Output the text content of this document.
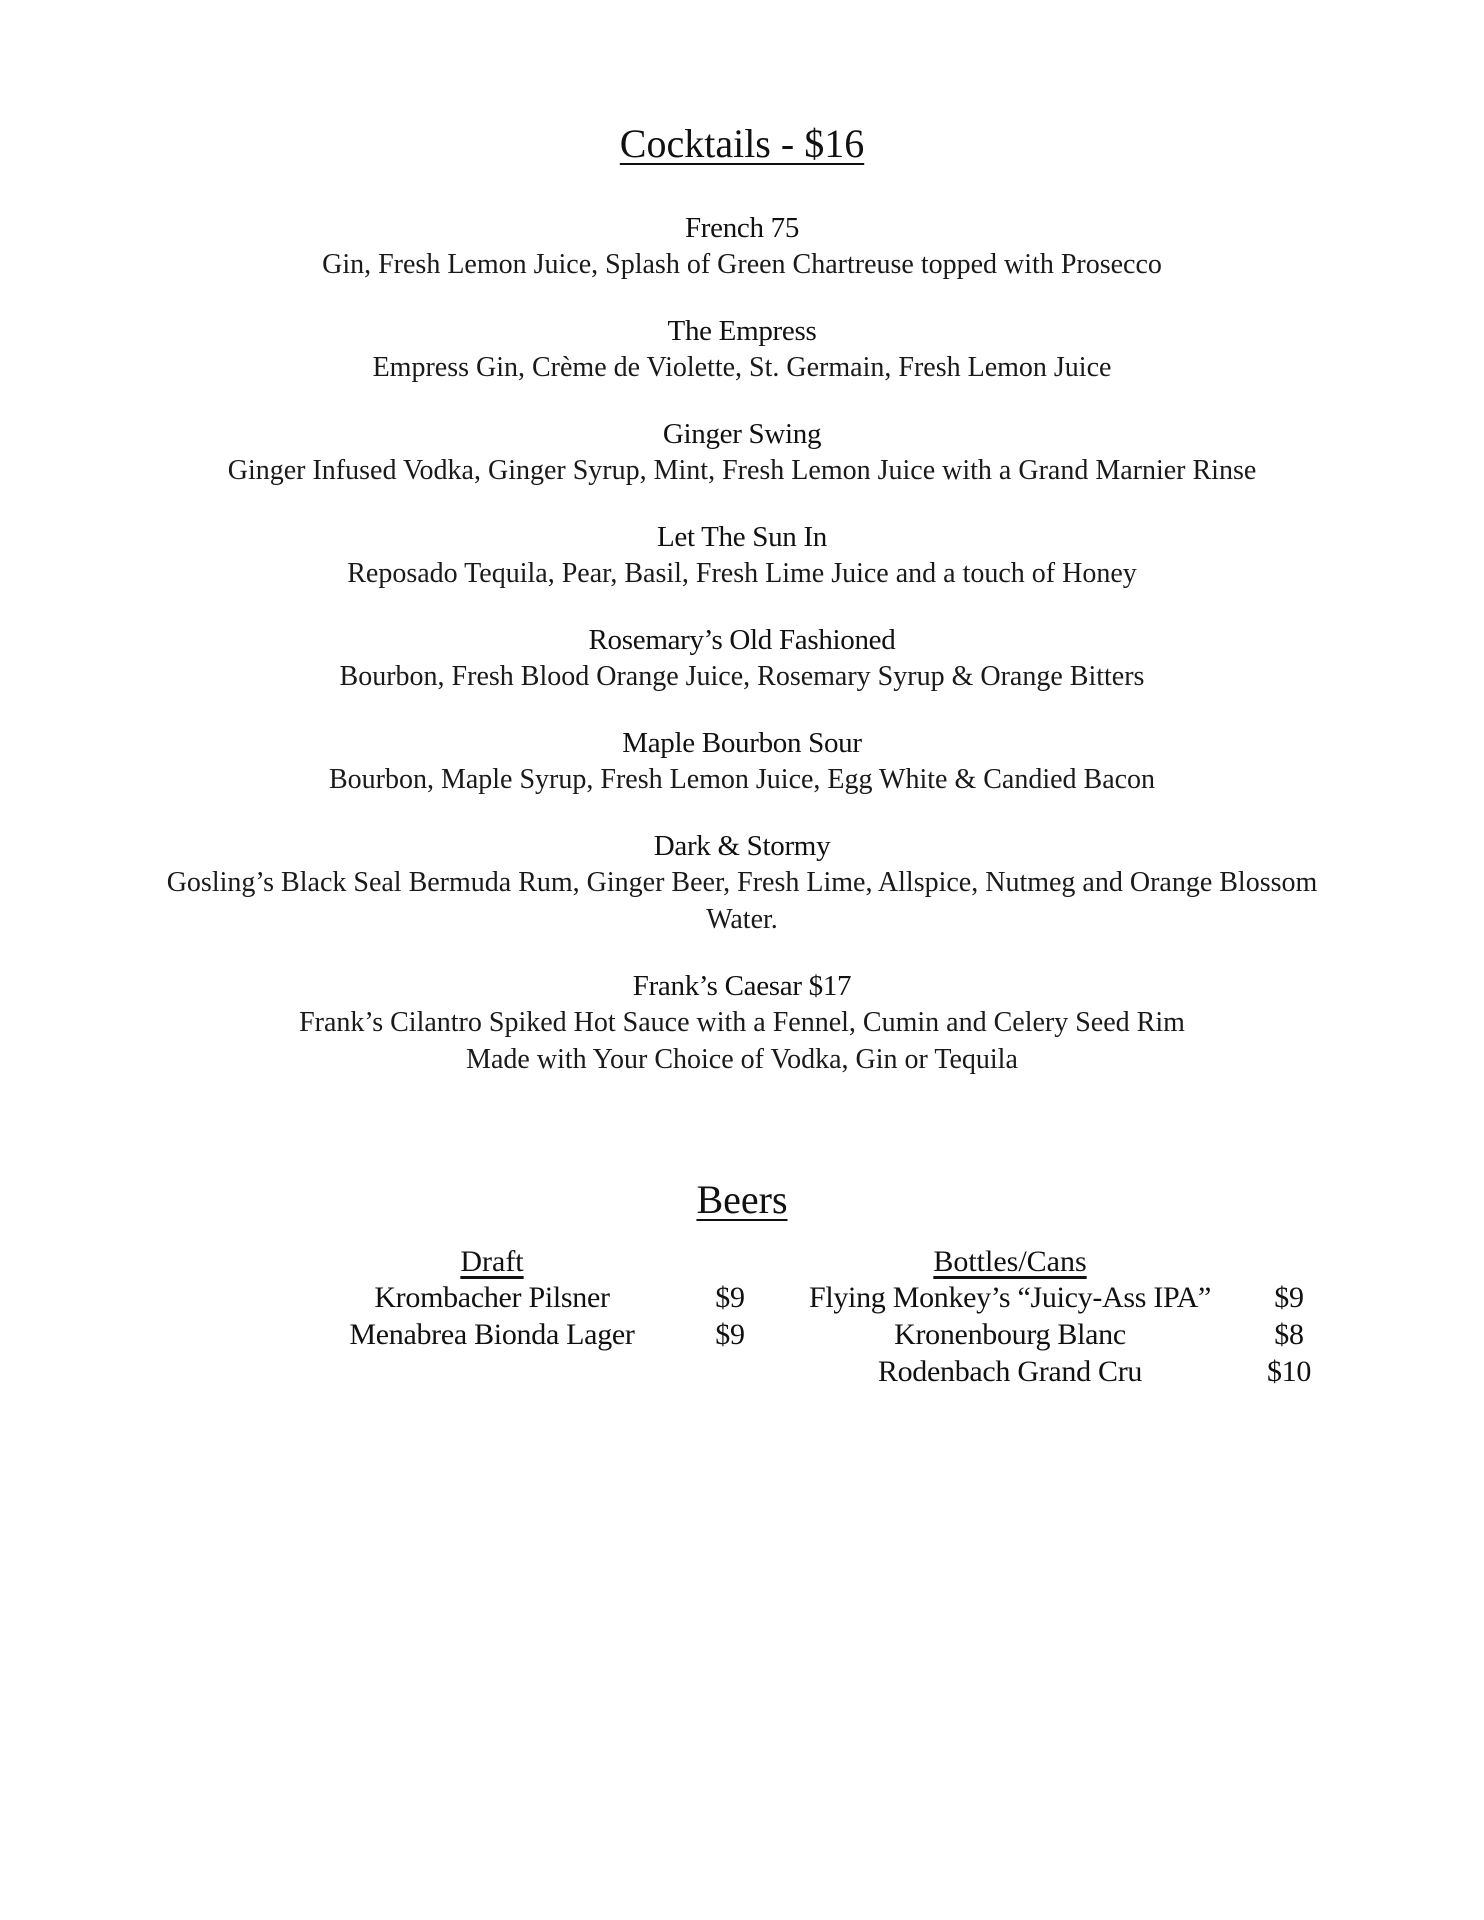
Cocktails - $16
French 75
Gin, Fresh Lemon Juice, Splash of Green Chartreuse topped with Prosecco
The Empress
Empress Gin, Crème de Violette, St. Germain, Fresh Lemon Juice
Ginger Swing
Ginger Infused Vodka, Ginger Syrup, Mint, Fresh Lemon Juice with a Grand Marnier Rinse
Let The Sun In
Reposado Tequila, Pear, Basil, Fresh Lime Juice and a touch of Honey
Rosemary’s Old Fashioned
Bourbon, Fresh Blood Orange Juice, Rosemary Syrup & Orange Bitters
Maple Bourbon Sour
Bourbon, Maple Syrup, Fresh Lemon Juice, Egg White & Candied Bacon
Dark & Stormy
Gosling’s Black Seal Bermuda Rum, Ginger Beer, Fresh Lime, Allspice, Nutmeg and Orange Blossom
Water.
Frank’s Caesar $17
Frank’s Cilantro Spiked Hot Sauce with a Fennel, Cumin and Celery Seed Rim
Made with Your Choice of Vodka, Gin or Tequila
Beers
Draft	Bottles/Cans
Krombacher Pilsner	$9
Menabrea Bionda Lager	$9
Flying Monkey’s “Juicy-Ass IPA”	$9
Kronenbourg Blanc	$8
Rodenbach Grand Cru	$10
